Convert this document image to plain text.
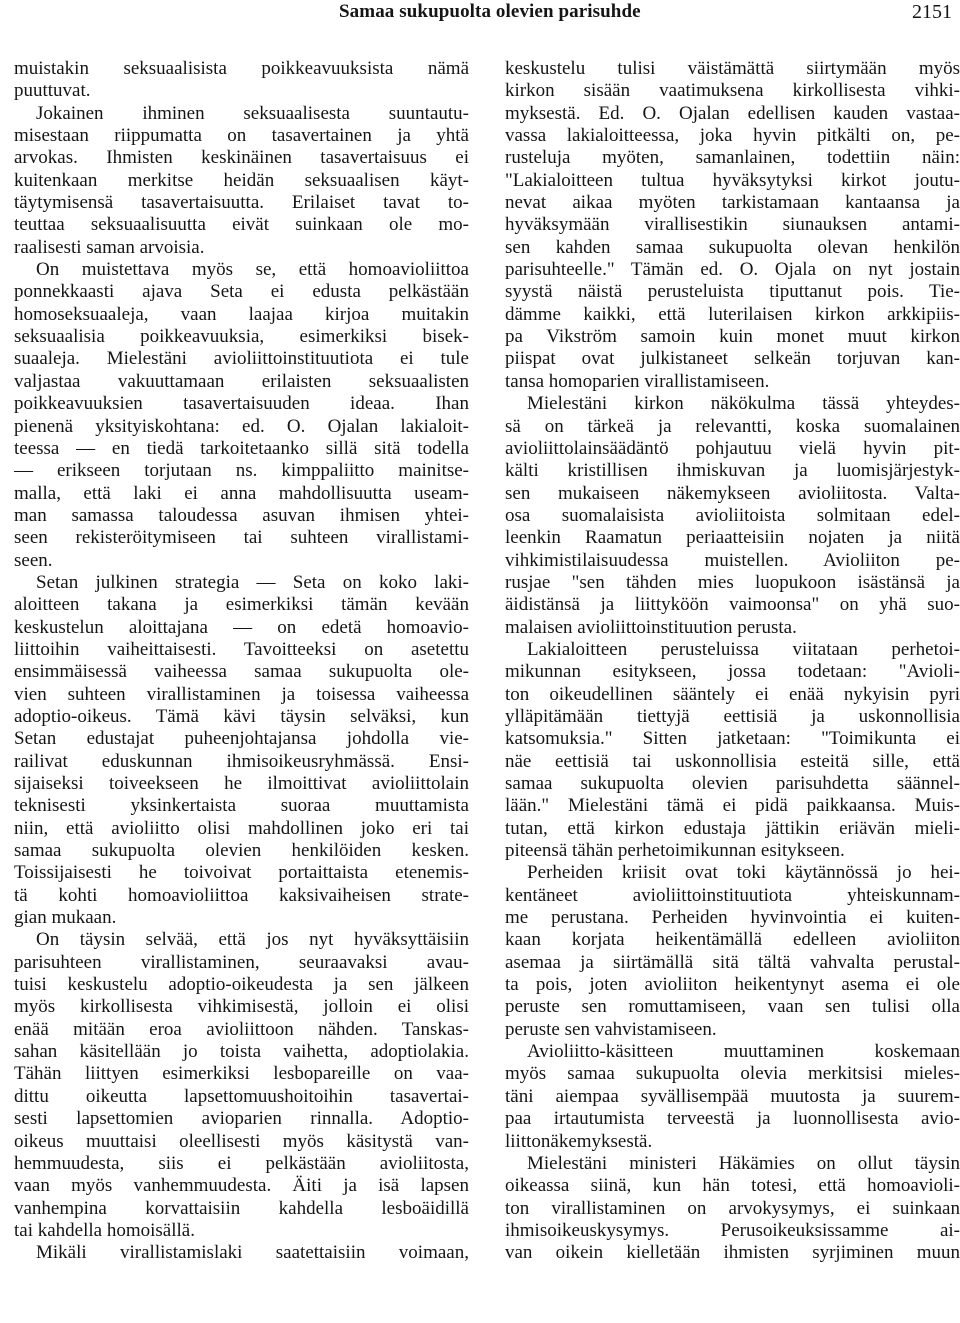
Samaa sukupuolta olevien parisuhde	2151
muistakin seksuaalisista poikkeavuuksista nämä
puuttuvat.
Jokainen ihminen seksuaalisesta suuntautu-
misestaan riippumatta on tasavertainen ja yhtä
arvokas. Ihmisten keskinäinen tasavertaisuus ei
kuitenkaan merkitse heidän seksuaalisen käyt-
täytymisensä tasavertaisuutta. Erilaiset tavat to-
teuttaa seksuaalisuutta eivät suinkaan ole mo-
raalisesti saman arvoisia.
On muistettava myös se, että homoavioliittoa
ponnekkaasti ajava Seta ei edusta pelkästään
homoseksuaaleja, vaan laajaa kirjoa muitakin
seksuaalisia poikkeavuuksia, esimerkiksi bisek-
suaaleja. Mielestäni avioliittoinstituutiota ei tule
valjastaa vakuuttamaan erilaisten seksuaalisten
poikkeavuuksien tasavertaisuuden ideaa. Ihan
pienenä yksityiskohtana: ed. O. Ojalan lakialoit-
teessa — en tiedä tarkoitetaanko sillä sitä todella
— erikseen torjutaan ns. kimppaliitto mainitse-
malla, että laki ei anna mahdollisuutta useam-
man samassa taloudessa asuvan ihmisen yhtei-
seen rekisteröitymiseen tai suhteen virallistami-
seen.
Setan julkinen strategia — Seta on koko laki-
aloitteen takana ja esimerkiksi tämän kevään
keskustelun aloittajana — on edetä homoavio-
liittoihin vaiheittaisesti. Tavoitteeksi on asetettu
ensimmäisessä vaiheessa samaa sukupuolta ole-
vien suhteen virallistaminen ja toisessa vaiheessa
adoptio-oikeus. Tämä kävi täysin selväksi, kun
Setan edustajat puheenjohtajansa johdolla vie-
railivat eduskunnan ihmisoikeusryhmässä. Ensi-
sijaiseksi toiveekseen he ilmoittivat avioliittolain
teknisesti yksinkertaista suoraa muuttamista
niin, että avioliitto olisi mahdollinen joko eri tai
samaa sukupuolta olevien henkilöiden kesken.
Toissijaisesti he toivoivat portaittaista etenemis-
tä kohti homoavioliittoa kaksivaiheisen strate-
gian mukaan.
On täysin selvää, että jos nyt hyväksyttäisiin
parisuhteen virallistaminen, seuraavaksi avau-
tuisi keskustelu adoptio-oikeudesta ja sen jälkeen
myös kirkollisesta vihkimisestä, jolloin ei olisi
enää mitään eroa avioliittoon nähden. Tanskas-
sahan käsitellään jo toista vaihetta, adoptiolakia.
Tähän liittyen esimerkiksi lesbopareille on vaa-
dittu oikeutta lapsettomuushoitoihin tasavertai-
sesti lapsettomien avioparien rinnalla. Adoptio-
oikeus muuttaisi oleellisesti myös käsitystä van-
hemmuudesta, siis ei pelkästään avioliitosta,
vaan myös vanhemmuudesta. Äiti ja isä lapsen
vanhempina korvattaisiin kahdella lesboäidillä
tai kahdella homoisällä.
Mikäli virallistamislaki saatettaisiin voimaan,
keskustelu tulisi väistämättä siirtymään myös
kirkon sisään vaatimuksena kirkollisesta vihki-
myksestä. Ed. O. Ojalan edellisen kauden vastaa-
vassa lakialoitteessa, joka hyvin pitkälti on, pe-
rusteluja myöten, samanlainen, todettiin näin:
"Lakialoitteen tultua hyväksytyksi kirkot joutu-
nevat aikaa myöten tarkistamaan kantaansa ja
hyväksymään virallisestikin siunauksen antami-
sen kahden samaa sukupuolta olevan henkilön
parisuhteelle." Tämän ed. O. Ojala on nyt jostain
syystä näistä perusteluista tiputtanut pois. Tie-
dämme kaikki, että luterilaisen kirkon arkkipiis-
pa Vikström samoin kuin monet muut kirkon
piispat ovat julkistaneet selkeän torjuvan kan-
tansa homoparien virallistamiseen.
Mielestäni kirkon näkökulma tässä yhteydes-
sä on tärkeä ja relevantti, koska suomalainen
avioliittolainsäädäntö pohjautuu vielä hyvin pit-
kälti kristillisen ihmiskuvan ja luomisjärjestyk-
sen mukaiseen näkemykseen avioliitosta. Valta-
osa suomalaisista avioliitoista solmitaan edel-
leenkin Raamatun periaatteisiin nojaten ja niitä
vihkimistilaisuudessa muistellen. Avioliiton pe-
rusjae "sen tähden mies luopukoon isästänsä ja
äidistänsä ja liittyköön vaimoonsa" on yhä suo-
malaisen avioliittoinstituution perusta.
Lakialoitteen perusteluissa viitataan perhetoi-
mikunnan esitykseen, jossa todetaan: "Avioli-
ton oikeudellinen sääntely ei enää nykyisin pyri
ylläpitämään tiettyjä eettisiä ja uskonnollisia
katsomuksia." Sitten jatketaan: "Toimikunta ei
näe eettisiä tai uskonnollisia esteitä sille, että
samaa sukupuolta olevien parisuhdetta säännel-
lään." Mielestäni tämä ei pidä paikkaansa. Muis-
tutan, että kirkon edustaja jättikin eriävän mieli-
piteensä tähän perhetoimikunnan esitykseen.
Perheiden kriisit ovat toki käytännössä jo hei-
kentäneet avioliittoinstituutiota yhteiskunnam-
me perustana. Perheiden hyvinvointia ei kuiten-
kaan korjata heikentämällä edelleen avioliiton
asemaa ja siirtämällä sitä tältä vahvalta perustal-
ta pois, joten avioliiton heikentynyt asema ei ole
peruste sen romuttamiseen, vaan sen tulisi olla
peruste sen vahvistamiseen.
Avioliitto-käsitteen muuttaminen koskemaan
myös samaa sukupuolta olevia merkitsisi mieles-
täni aiempaa syvällisempää muutosta ja suurem-
paa irtautumista terveestä ja luonnollisesta avio-
liittonäkemyksestä.
Mielestäni ministeri Häkämies on ollut täysin
oikeassa siinä, kun hän totesi, että homoavioli-
ton virallistaminen on arvokysymys, ei suinkaan
ihmisoikeuskysymys. Perusoikeuksissamme ai-
van oikein kielletään ihmisten syrjiminen muun
